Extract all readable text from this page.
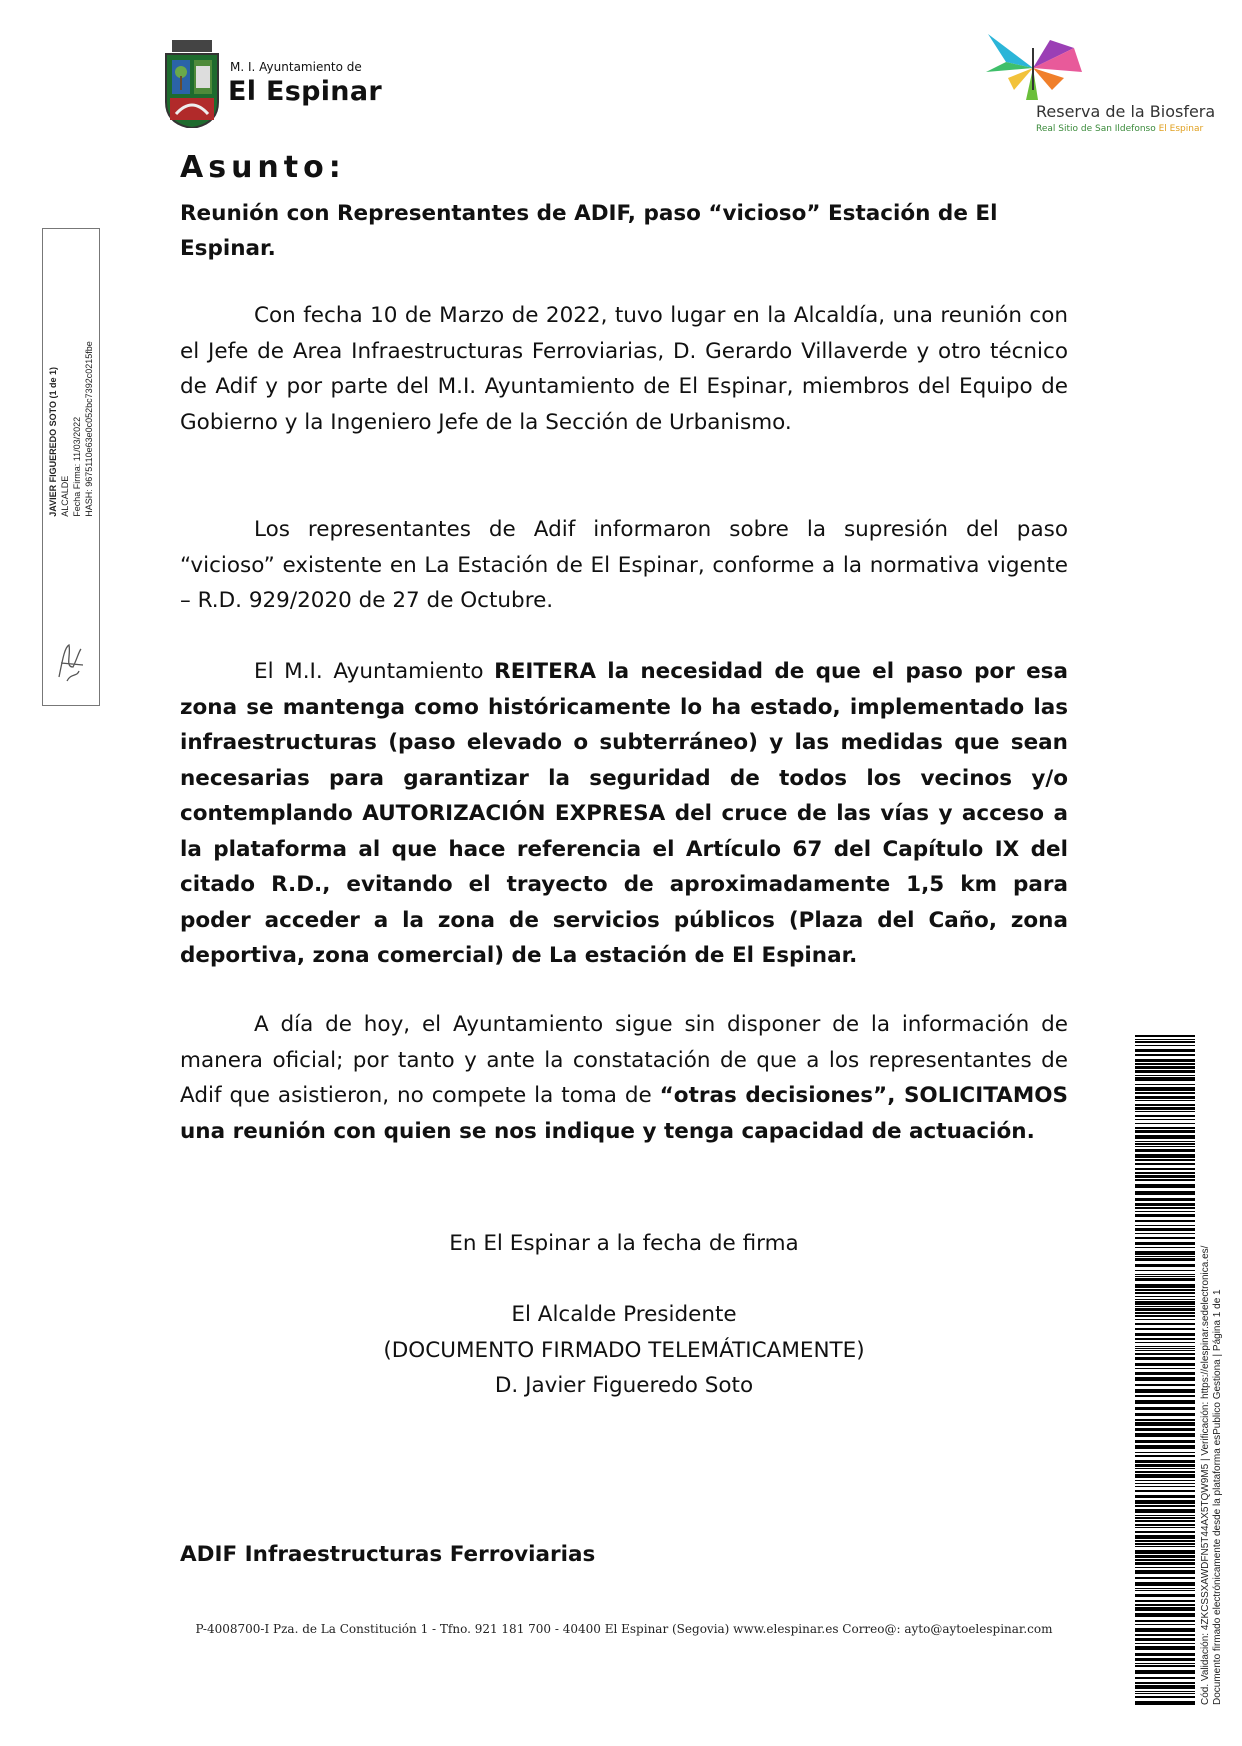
M. I. Ayuntamiento de
El Espinar
Reserva de la Biosfera
Real Sitio de San Ildefonso El Espinar
JAVIER FIGUEREDO SOTO (1 de 1) ALCALDE Fecha Firma: 11/03/2022 HASH: 9675110e63e0c052bc7392c0215fbe
Asunto:
Reunión con Representantes de ADIF, paso “vicioso” Estación de El Espinar.
Con fecha 10 de Marzo de 2022, tuvo lugar en la Alcaldía, una reunión con el Jefe de Area Infraestructuras Ferroviarias, D. Gerardo Villaverde y otro técnico de Adif y por parte del M.I. Ayuntamiento de El Espinar, miembros del Equipo de Gobierno y la Ingeniero Jefe de la Sección de Urbanismo.
Los representantes de Adif informaron sobre la supresión del paso “vicioso” existente en La Estación de El Espinar, conforme a la normativa vigente – R.D. 929/2020 de 27 de Octubre.
El M.I. Ayuntamiento REITERA la necesidad de que el paso por esa zona se mantenga como históricamente lo ha estado, implementado las infraestructuras (paso elevado o subterráneo) y las medidas que sean necesarias para garantizar la seguridad de todos los vecinos y/o contemplando AUTORIZACIÓN EXPRESA del cruce de las vías y acceso a la plataforma al que hace referencia el Artículo 67 del Capítulo IX del citado R.D., evitando el trayecto de aproximadamente 1,5 km para poder acceder a la zona de servicios públicos (Plaza del Caño, zona deportiva, zona comercial) de La estación de El Espinar.
A día de hoy, el Ayuntamiento sigue sin disponer de la información de manera oficial; por tanto y ante la constatación de que a los representantes de Adif que asistieron, no compete la toma de “otras decisiones”, SOLICITAMOS una reunión con quien se nos indique y tenga capacidad de actuación.
En El Espinar a la fecha de firma
El Alcalde Presidente
(DOCUMENTO FIRMADO TELEMÁTICAMENTE)
D. Javier Figueredo Soto
ADIF Infraestructuras Ferroviarias
P-4008700-I Pza. de La Constitución 1 - Tfno. 921 181 700 - 40400 El Espinar (Segovia) www.elespinar.es Correo@: ayto@aytoelespinar.com	Cód. Validación: 4ZKCSSXAWDFN5T44AX5TQW9M5 | Verificación: https://elespinar.sedelectronica.es/ Documento firmado electrónicamente desde la plataforma esPublico Gestiona | Página 1 de 1
